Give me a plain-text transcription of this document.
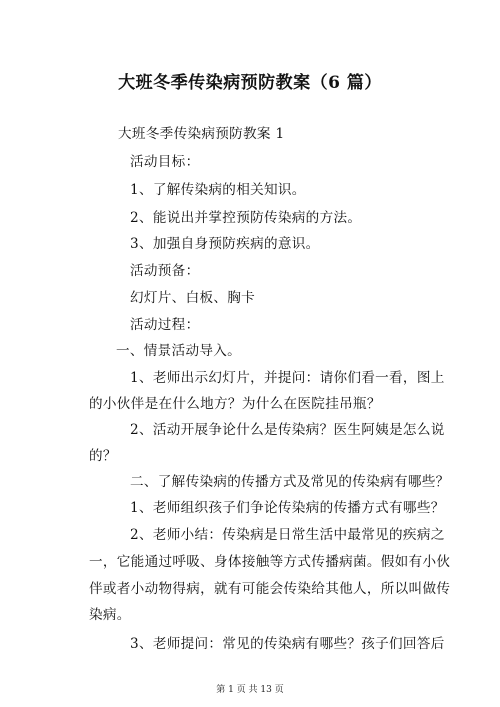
大班冬季传染病预防教案（6 篇）
大班冬季传染病预防教案 1
活动目标：
1、了解传染病的相关知识。
2、能说出并掌控预防传染病的方法。
3、加强自身预防疾病的意识。
活动预备：
幻灯片、白板、胸卡
活动过程：
一、情景活动导入。
1、老师出示幻灯片，并提问：请你们看一看，图上
的小伙伴是在什么地方？为什么在医院挂吊瓶？
2、活动开展争论什么是传染病？医生阿姨是怎么说
的？
二、了解传染病的传播方式及常见的传染病有哪些？
1、老师组织孩子们争论传染病的传播方式有哪些？
2、老师小结：传染病是日常生活中最常见的疾病之
一，它能通过呼吸、身体接触等方式传播病菌。假如有小伙
伴或者小动物得病，就有可能会传染给其他人，所以叫做传
染病。
3、老师提问：常见的传染病有哪些？孩子们回答后
第 1 页 共 13 页
